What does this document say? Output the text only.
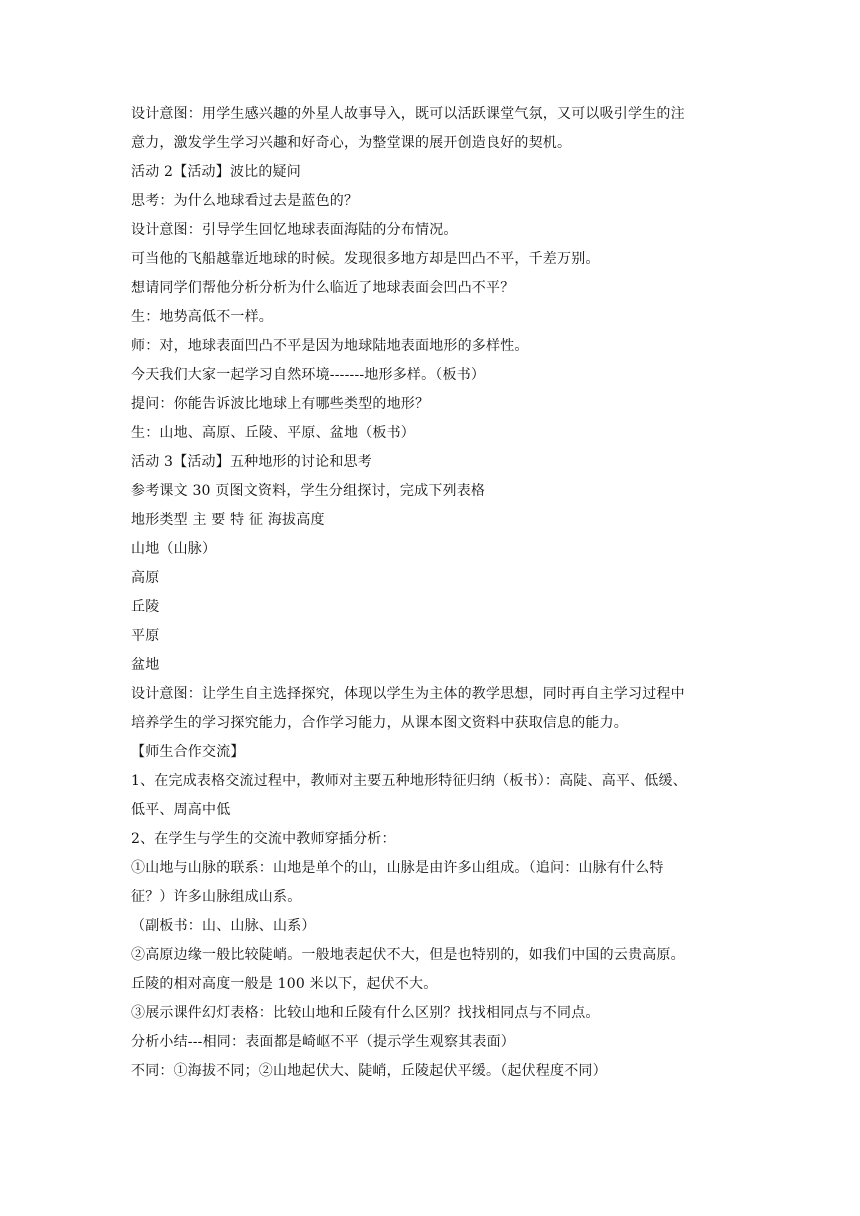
设计意图：用学生感兴趣的外星人故事导入，既可以活跃课堂气氛，又可以吸引学生的注
意力，激发学生学习兴趣和好奇心，为整堂课的展开创造良好的契机。
活动 2【活动】波比的疑问
思考：为什么地球看过去是蓝色的？
设计意图：引导学生回忆地球表面海陆的分布情况。
可当他的飞船越靠近地球的时候。发现很多地方却是凹凸不平，千差万别。
想请同学们帮他分析分析为什么临近了地球表面会凹凸不平？
生：地势高低不一样。
师：对，地球表面凹凸不平是因为地球陆地表面地形的多样性。
今天我们大家一起学习自然环境-------地形多样。（板书）
提问：你能告诉波比地球上有哪些类型的地形？
生：山地、高原、丘陵、平原、盆地（板书）
活动 3【活动】五种地形的讨论和思考
参考课文 30 页图文资料，学生分组探讨，完成下列表格
地形类型 主 要 特 征 海拔高度
山地（山脉）
高原
丘陵
平原
盆地
设计意图：让学生自主选择探究，体现以学生为主体的教学思想，同时再自主学习过程中
培养学生的学习探究能力，合作学习能力，从课本图文资料中获取信息的能力。
【师生合作交流】
1、在完成表格交流过程中，教师对主要五种地形特征归纳（板书）：高陡、高平、低缓、
低平、周高中低
2、在学生与学生的交流中教师穿插分析：
①山地与山脉的联系：山地是单个的山，山脉是由许多山组成。（追问：山脉有什么特
征？）许多山脉组成山系。
（副板书：山、山脉、山系）
②高原边缘一般比较陡峭。一般地表起伏不大，但是也特别的，如我们中国的云贵高原。
丘陵的相对高度一般是 100 米以下，起伏不大。
③展示课件幻灯表格：比较山地和丘陵有什么区别？找找相同点与不同点。
分析小结---相同：表面都是崎岖不平（提示学生观察其表面）
不同：①海拔不同；②山地起伏大、陡峭，丘陵起伏平缓。（起伏程度不同）
